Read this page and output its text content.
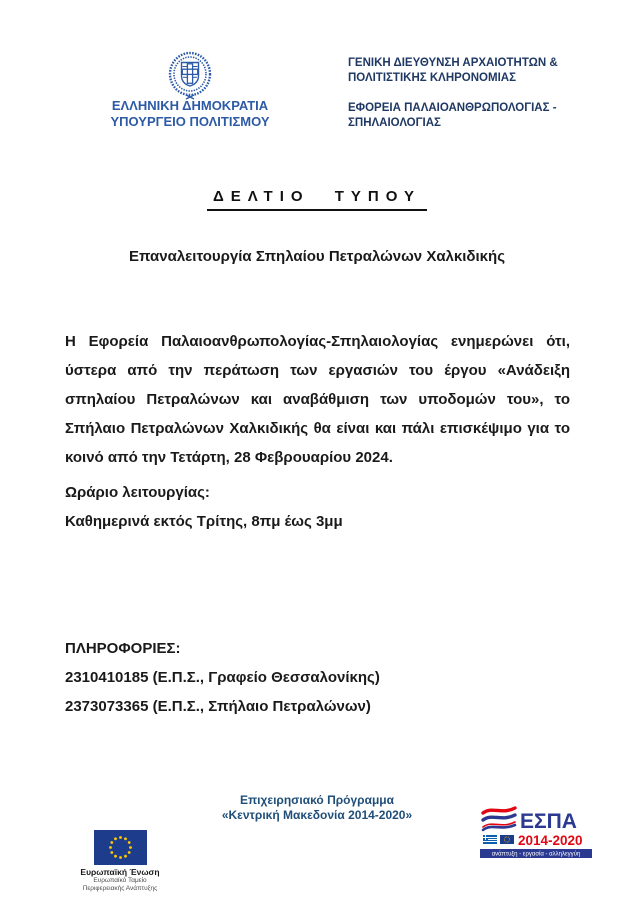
ΕΛΛΗΝΙΚΗ ΔΗΜΟΚΡΑΤΙΑ
ΥΠΟΥΡΓΕΙΟ ΠΟΛΙΤΙΣΜΟΥ

ΓΕΝΙΚΗ ΔΙΕΥΘΥΝΣΗ ΑΡΧΑΙΟΤΗΤΩΝ & ΠΟΛΙΤΙΣΤΙΚΗΣ ΚΛΗΡΟΝΟΜΙΑΣ

ΕΦΟΡΕΙΑ ΠΑΛΑΙΟΑΝΘΡΩΠΟΛΟΓΙΑΣ - ΣΠΗΛΑΙΟΛΟΓΙΑΣ

ΔΕΛΤΙΟ ΤΥΠΟΥ
Επαναλειτουργία Σπηλαίου Πετραλώνων Χαλκιδικής

Η Εφορεία Παλαιοανθρωπολογίας-Σπηλαιολογίας ενημερώνει ότι, ύστερα από την περάτωση των εργασιών του έργου «Ανάδειξη σπηλαίου Πετραλώνων και αναβάθμιση των υποδομών του», το Σπήλαιο Πετραλώνων Χαλκιδικής θα είναι και πάλι επισκέψιμο για το κοινό από την Τετάρτη, 28 Φεβρουαρίου 2024.

Ωράριο λειτουργίας:
Καθημερινά εκτός Τρίτης, 8πμ έως 3μμ
ΠΛΗΡΟΦΟΡΙΕΣ:
2310410185 (Ε.Π.Σ., Γραφείο Θεσσαλονίκης)
2373073365 (Ε.Π.Σ., Σπήλαιο Πετραλώνων)
Επιχειρησιακό Πρόγραμμα
«Κεντρική Μακεδονία 2014-2020»
Ευρωπαϊκή Ένωση
Ευρωπαϊκό Ταμείο
Περιφερειακής Ανάπτυξης
ΕΣΠΑ
2014-2020
ανάπτυξη - εργασία - αλληλεγγύη
